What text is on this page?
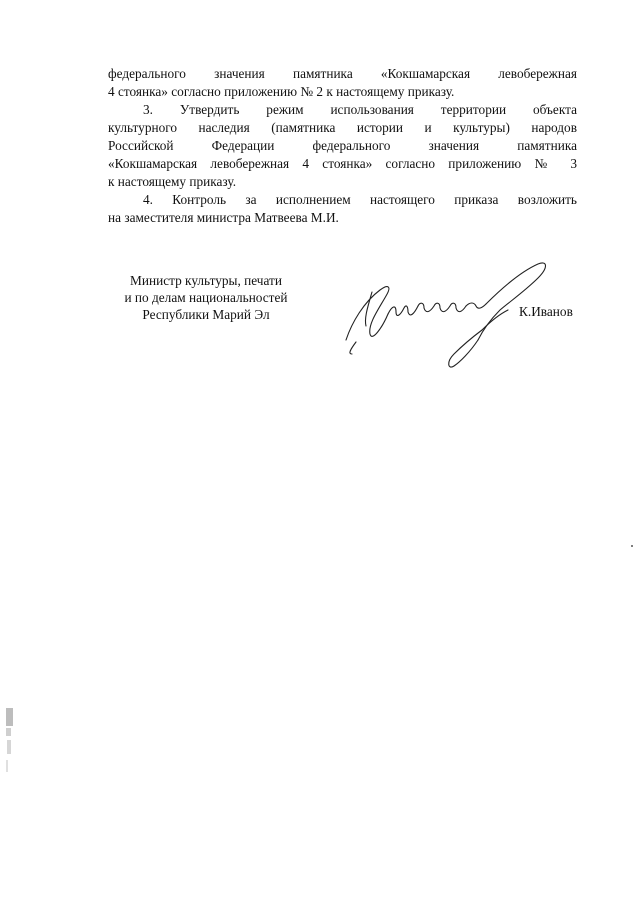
федерального значения памятника «Кокшамарская левобережная
4 стоянка» согласно приложению № 2 к настоящему приказу.
3. Утвердить режим использования территории объекта
культурного наследия (памятника истории и культуры) народов
Российской Федерации федерального значения памятника
«Кокшамарская левобережная 4 стоянка» согласно приложению № 3
к настоящему приказу.
4. Контроль за исполнением настоящего приказа возложить
на заместителя министра Матвеева М.И.
Министр культуры, печати
и по делам национальностей
Республики Марий Эл	К.Иванов
